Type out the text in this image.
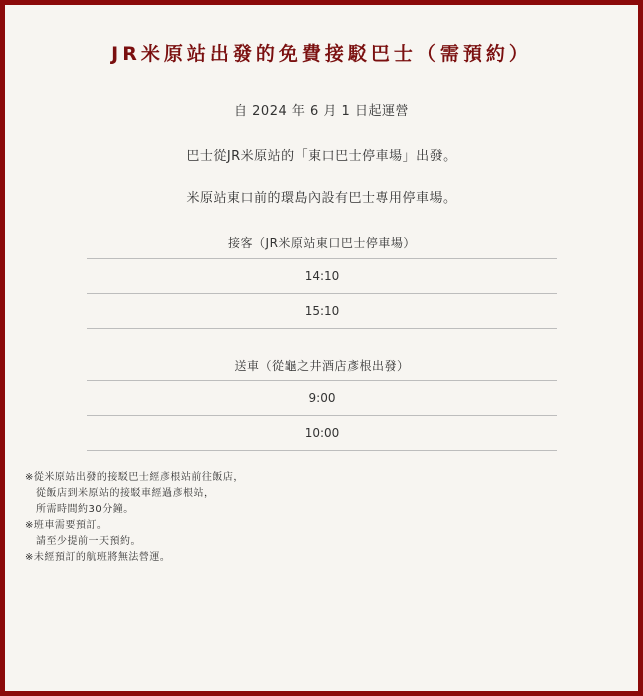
JR米原站出發的免費接駁巴士（需預約）
自 2024 年 6 月 1 日起運營
巴士從JR米原站的「東口巴士停車場」出發。
米原站東口前的環島內設有巴士專用停車場。
接客（JR米原站東口巴士停車場）
14:10
15:10
送車（從龜之井酒店彥根出發）
9:00
10:00
※從米原站出發的接駁巴士經彥根站前往飯店，
從飯店到米原站的接駁車經過彥根站，
所需時間約30分鐘。
※班車需要預訂。
請至少提前一天預約。
※未經預訂的航班將無法營運。
